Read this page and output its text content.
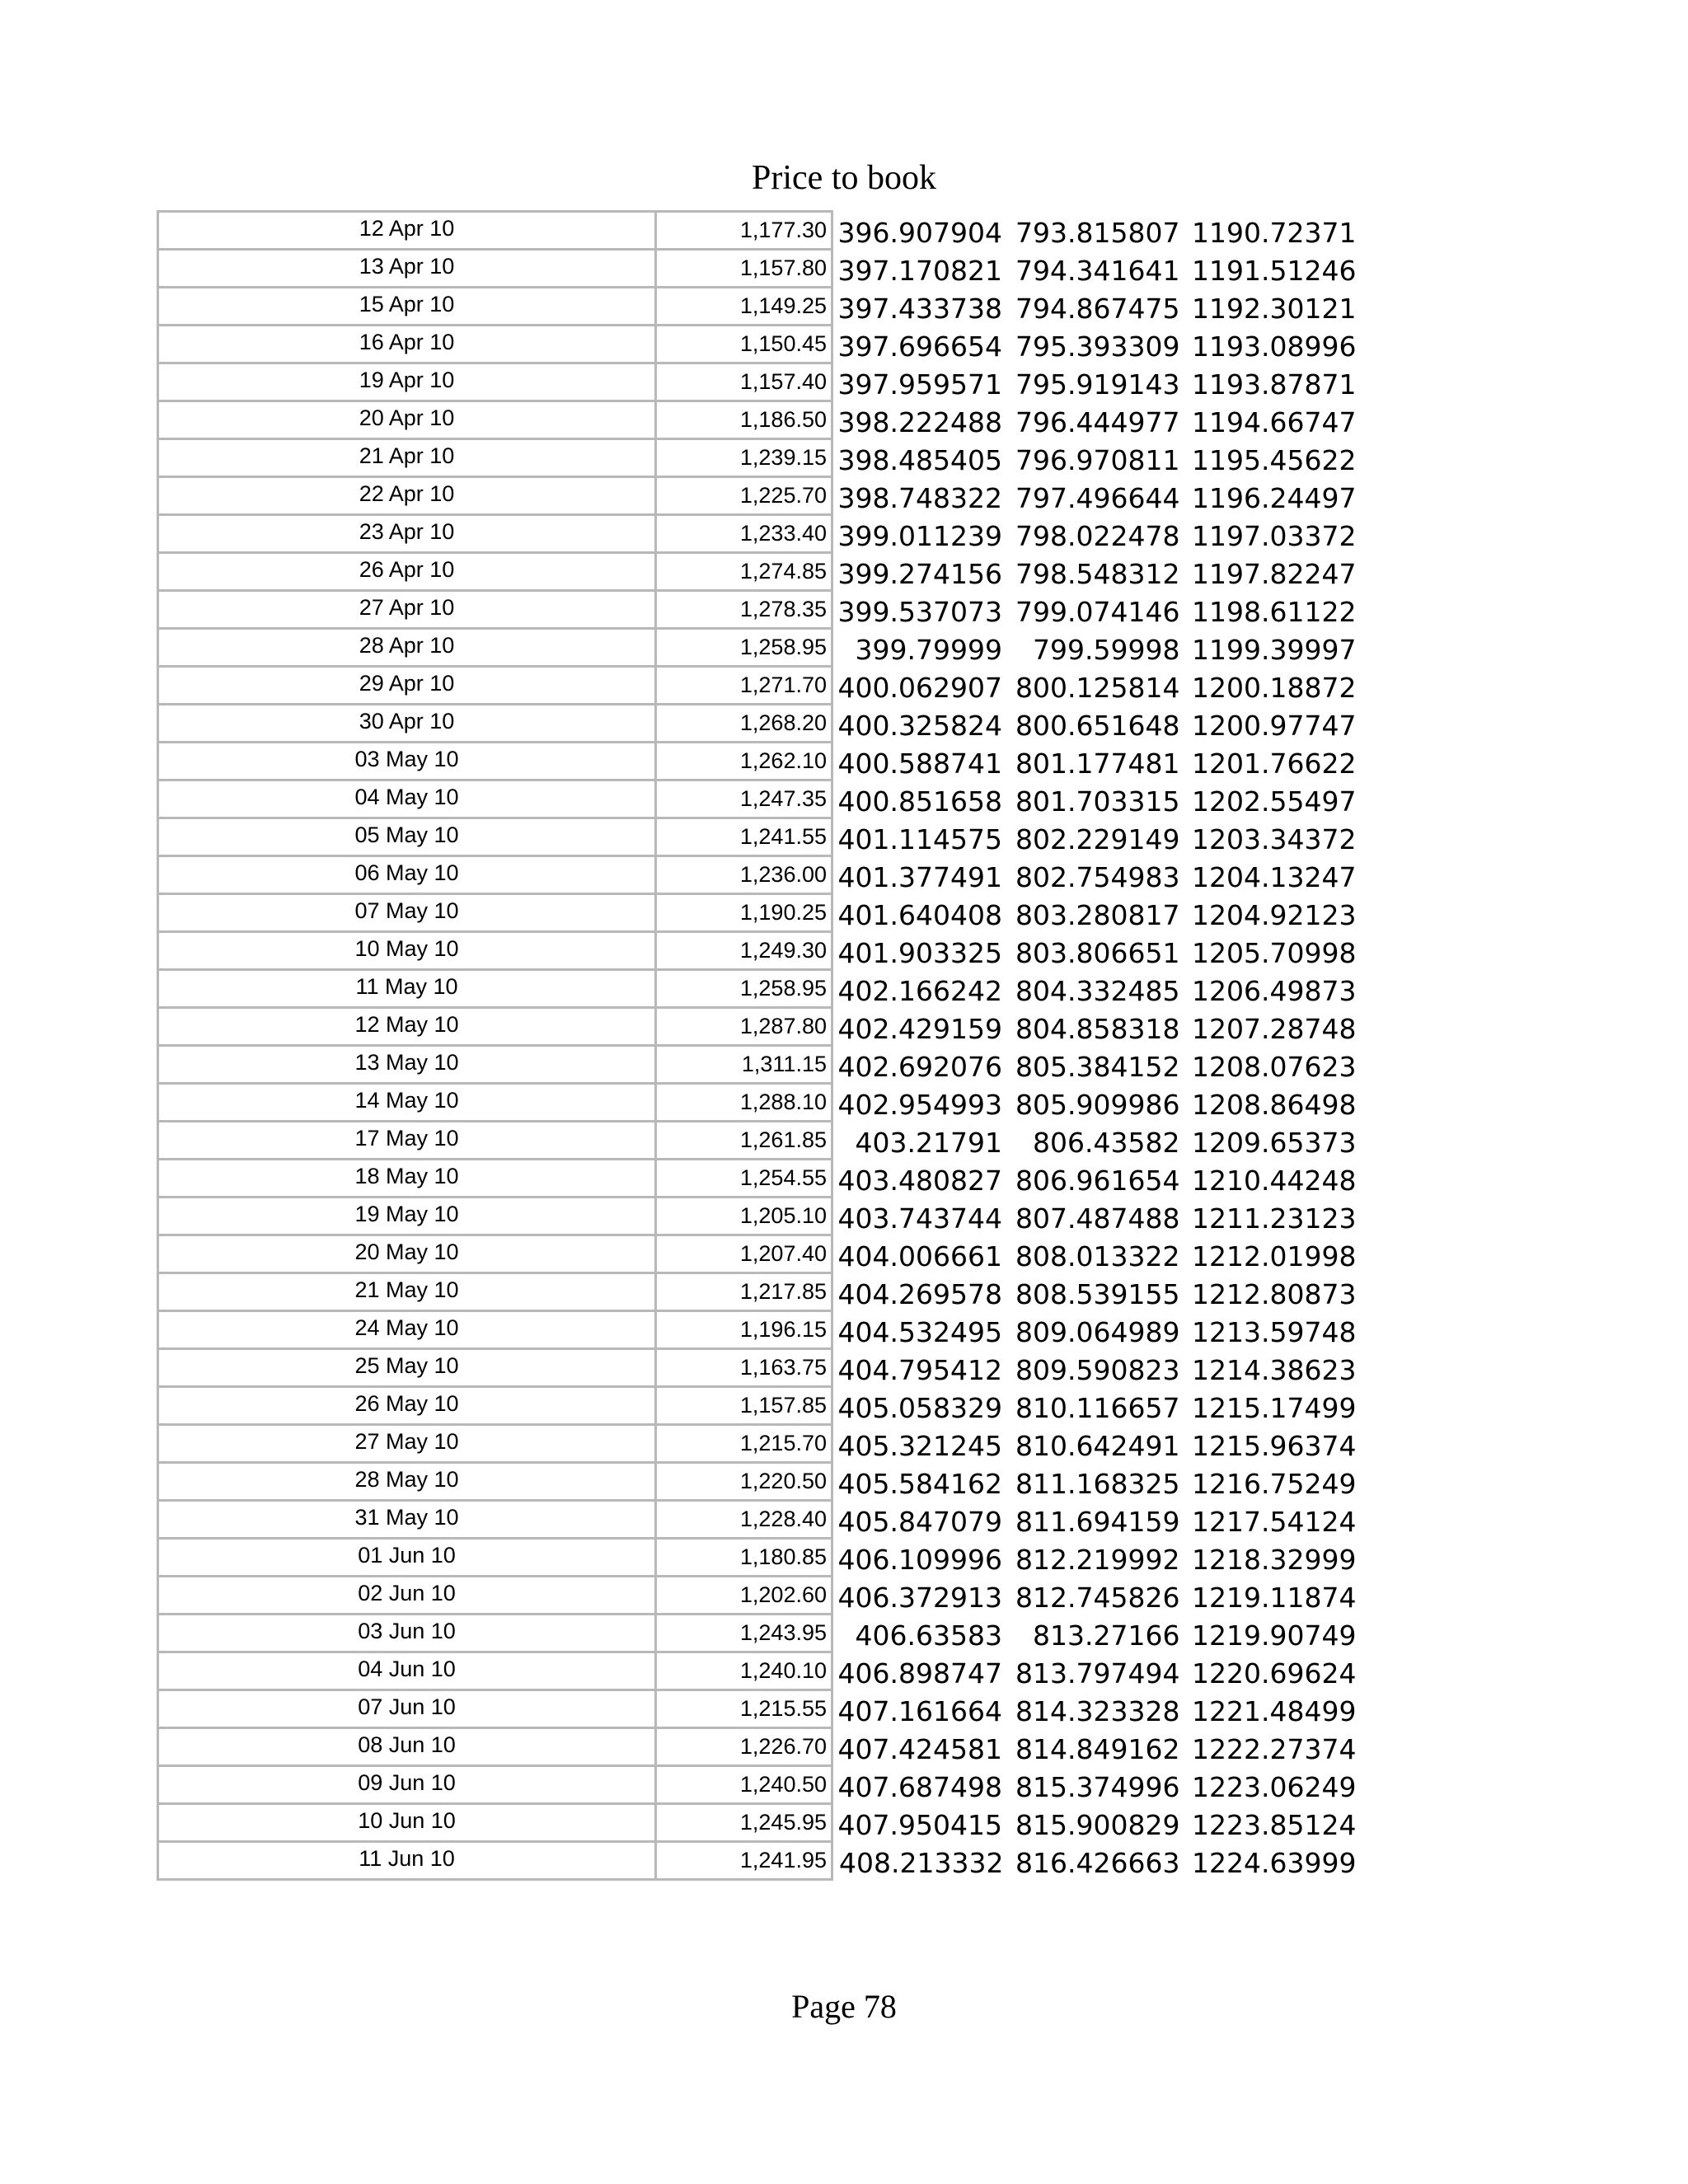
Price to book
12 Apr 10	1,177.30	396.907904	793.815807	1190.72371
13 Apr 10	1,157.80	397.170821	794.341641	1191.51246
15 Apr 10	1,149.25	397.433738	794.867475	1192.30121
16 Apr 10	1,150.45	397.696654	795.393309	1193.08996
19 Apr 10	1,157.40	397.959571	795.919143	1193.87871
20 Apr 10	1,186.50	398.222488	796.444977	1194.66747
21 Apr 10	1,239.15	398.485405	796.970811	1195.45622
22 Apr 10	1,225.70	398.748322	797.496644	1196.24497
23 Apr 10	1,233.40	399.011239	798.022478	1197.03372
26 Apr 10	1,274.85	399.274156	798.548312	1197.82247
27 Apr 10	1,278.35	399.537073	799.074146	1198.61122
28 Apr 10	1,258.95	399.79999	799.59998	1199.39997
29 Apr 10	1,271.70	400.062907	800.125814	1200.18872
30 Apr 10	1,268.20	400.325824	800.651648	1200.97747
03 May 10	1,262.10	400.588741	801.177481	1201.76622
04 May 10	1,247.35	400.851658	801.703315	1202.55497
05 May 10	1,241.55	401.114575	802.229149	1203.34372
06 May 10	1,236.00	401.377491	802.754983	1204.13247
07 May 10	1,190.25	401.640408	803.280817	1204.92123
10 May 10	1,249.30	401.903325	803.806651	1205.70998
11 May 10	1,258.95	402.166242	804.332485	1206.49873
12 May 10	1,287.80	402.429159	804.858318	1207.28748
13 May 10	1,311.15	402.692076	805.384152	1208.07623
14 May 10	1,288.10	402.954993	805.909986	1208.86498
17 May 10	1,261.85	403.21791	806.43582	1209.65373
18 May 10	1,254.55	403.480827	806.961654	1210.44248
19 May 10	1,205.10	403.743744	807.487488	1211.23123
20 May 10	1,207.40	404.006661	808.013322	1212.01998
21 May 10	1,217.85	404.269578	808.539155	1212.80873
24 May 10	1,196.15	404.532495	809.064989	1213.59748
25 May 10	1,163.75	404.795412	809.590823	1214.38623
26 May 10	1,157.85	405.058329	810.116657	1215.17499
27 May 10	1,215.70	405.321245	810.642491	1215.96374
28 May 10	1,220.50	405.584162	811.168325	1216.75249
31 May 10	1,228.40	405.847079	811.694159	1217.54124
01 Jun 10	1,180.85	406.109996	812.219992	1218.32999
02 Jun 10	1,202.60	406.372913	812.745826	1219.11874
03 Jun 10	1,243.95	406.63583	813.27166	1219.90749
04 Jun 10	1,240.10	406.898747	813.797494	1220.69624
07 Jun 10	1,215.55	407.161664	814.323328	1221.48499
08 Jun 10	1,226.70	407.424581	814.849162	1222.27374
09 Jun 10	1,240.50	407.687498	815.374996	1223.06249
10 Jun 10	1,245.95	407.950415	815.900829	1223.85124
11 Jun 10	1,241.95	408.213332	816.426663	1224.63999
Page 78
